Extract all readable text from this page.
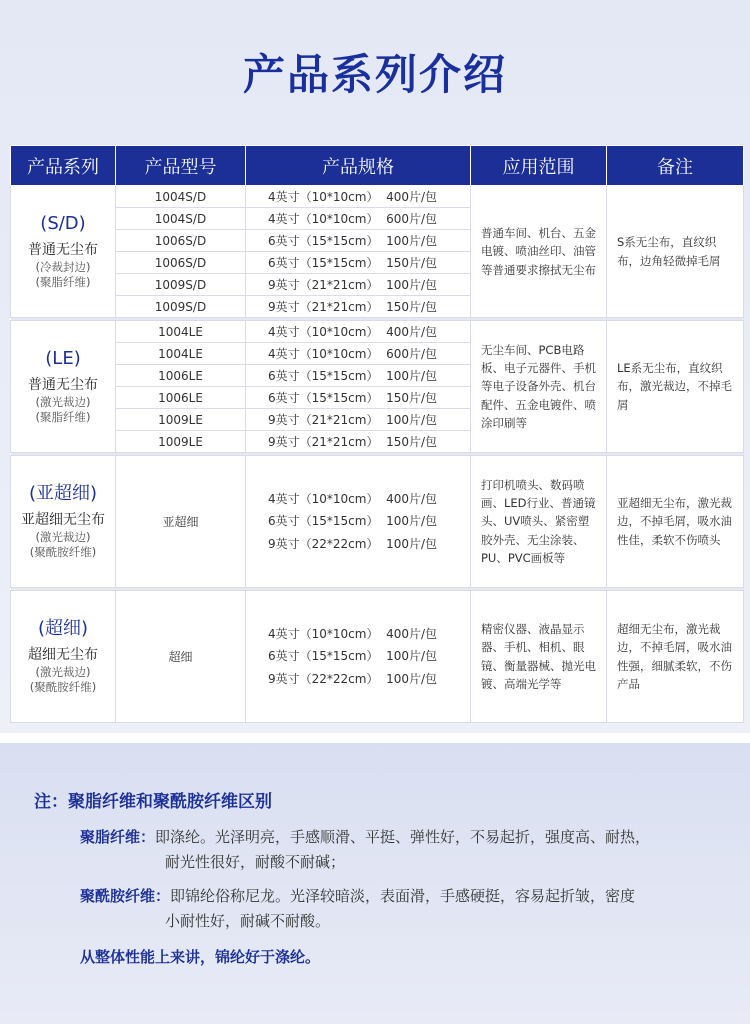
产品系列介绍
产品系列	产品型号	产品规格	应用范围	备注

(S/D)
普通无尘布
(冷裁封边)
(聚脂纤维)	1004S/D	4英寸（10*10cm）  400片/包	普通车间、机台、五金电镀、喷油丝印、油管等普通要求擦拭无尘布	S系无尘布，直纹织布，边角轻微掉毛屑
	1004S/D	4英寸（10*10cm）  600片/包		
	1006S/D	6英寸（15*15cm）  100片/包		
	1006S/D	6英寸（15*15cm）  150片/包		
	1009S/D	9英寸（21*21cm）  100片/包		
	1009S/D	9英寸（21*21cm）  150片/包		

(LE)
普通无尘布
(激光裁边)
(聚脂纤维)	1004LE	4英寸（10*10cm）  400片/包	无尘车间、PCB电路板、电子元器件、手机等电子设备外壳、机台配件、五金电镀件、喷涂印刷等	LE系无尘布，直纹织布，激光裁边，不掉毛屑
	1004LE	4英寸（10*10cm）  600片/包		
	1006LE	6英寸（15*15cm）  100片/包		
	1006LE	6英寸（15*15cm）  150片/包		
	1009LE	9英寸（21*21cm）  100片/包		
	1009LE	9英寸（21*21cm）  150片/包		

(亚超细)
亚超细无尘布
(激光裁边)
(聚酰胺纤维)	亚超细	4英寸（10*10cm）  400片/包
6英寸（15*15cm）  100片/包
9英寸（22*22cm）  100片/包	打印机喷头、数码喷画、LED行业、普通镜头、UV喷头、紧密塑胶外壳、无尘涂装、PU、PVC画板等	亚超细无尘布，激光裁边，不掉毛屑，吸水油性佳，柔软不伤喷头

(超细)
超细无尘布
(激光裁边)
(聚酰胺纤维)	超细	4英寸（10*10cm）  400片/包
6英寸（15*15cm）  100片/包
9英寸（22*22cm）  100片/包	精密仪器、液晶显示器、手机、相机、眼镜、衡量器械、抛光电镀、高端光学等	超细无尘布，激光裁边，不掉毛屑，吸水油性强，细腻柔软，不伤产品
注：聚脂纤维和聚酰胺纤维区别
聚脂纤维：即涤纶。光泽明亮，手感顺滑、平挺、弹性好，不易起折，强度高、耐热，
耐光性很好，耐酸不耐碱；
聚酰胺纤维：即锦纶俗称尼龙。光泽较暗淡，表面滑，手感硬挺，容易起折皱，密度
小耐性好，耐碱不耐酸。
从整体性能上来讲，锦纶好于涤纶。
